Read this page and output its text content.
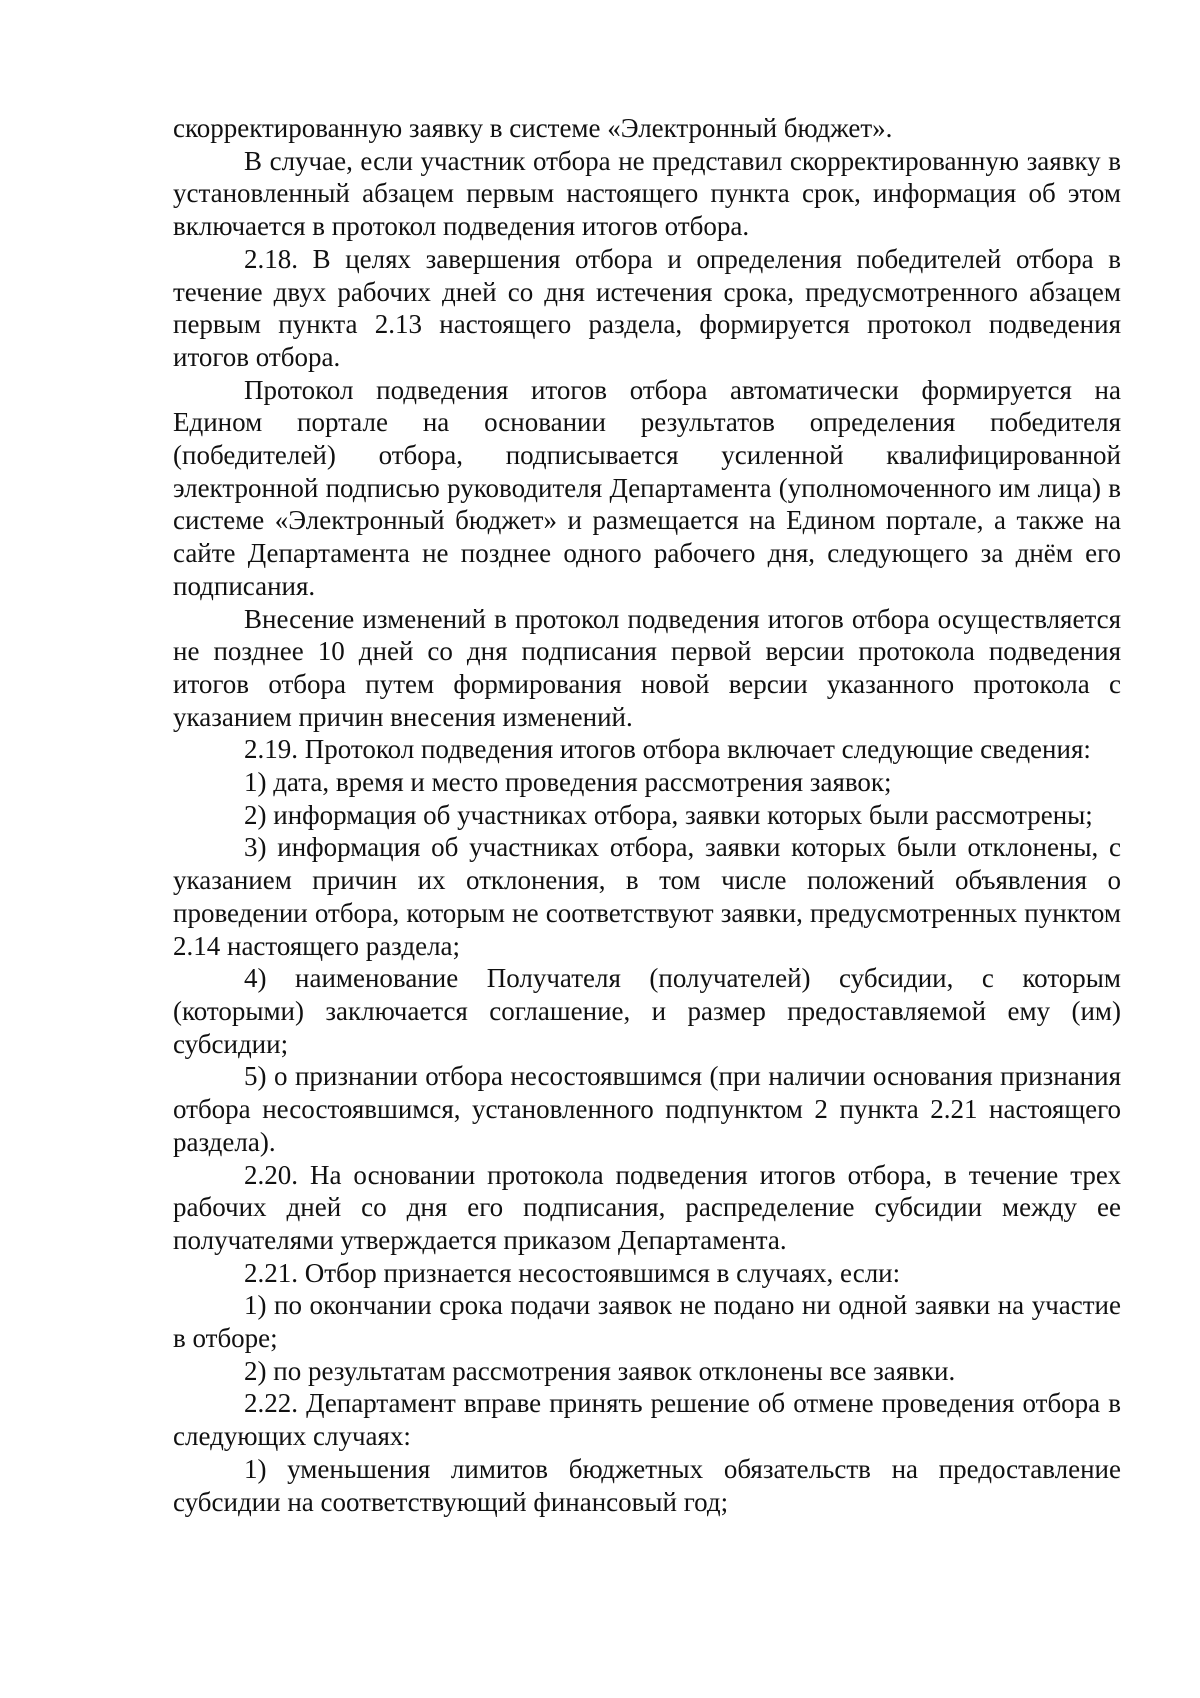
скорректированную заявку в системе «Электронный бюджет».

В случае, если участник отбора не представил скорректированную заявку в установленный абзацем первым настоящего пункта срок, информация об этом включается в протокол подведения итогов отбора.

2.18. В целях завершения отбора и определения победителей отбора в течение двух рабочих дней со дня истечения срока, предусмотренного абзацем первым пункта 2.13 настоящего раздела, формируется протокол подведения итогов отбора.

Протокол подведения итогов отбора автоматически формируется на Едином портале на основании результатов определения победителя (победителей) отбора, подписывается усиленной квалифицированной электронной подписью руководителя Департамента (уполномоченного им лица) в системе «Электронный бюджет» и размещается на Едином портале, а также на сайте Департамента не позднее одного рабочего дня, следующего за днём его подписания.

Внесение изменений в протокол подведения итогов отбора осуществляется не позднее 10 дней со дня подписания первой версии протокола подведения итогов отбора путем формирования новой версии указанного протокола с указанием причин внесения изменений.

2.19. Протокол подведения итогов отбора включает следующие сведения:

1) дата, время и место проведения рассмотрения заявок;

2) информация об участниках отбора, заявки которых были рассмотрены;

3) информация об участниках отбора, заявки которых были отклонены, с указанием причин их отклонения, в том числе положений объявления о проведении отбора, которым не соответствуют заявки, предусмотренных пунктом 2.14 настоящего раздела;

4) наименование Получателя (получателей) субсидии, с которым (которыми) заключается соглашение, и размер предоставляемой ему (им) субсидии;

5) о признании отбора несостоявшимся (при наличии основания признания отбора несостоявшимся, установленного подпунктом 2 пункта 2.21 настоящего раздела).

2.20. На основании протокола подведения итогов отбора, в течение трех рабочих дней со дня его подписания, распределение субсидии между ее получателями утверждается приказом Департамента.

2.21. Отбор признается несостоявшимся в случаях, если:

1) по окончании срока подачи заявок не подано ни одной заявки на участие в отборе;

2) по результатам рассмотрения заявок отклонены все заявки.

2.22. Департамент вправе принять решение об отмене проведения отбора в следующих случаях:

1) уменьшения лимитов бюджетных обязательств на предоставление субсидии на соответствующий финансовый год;
